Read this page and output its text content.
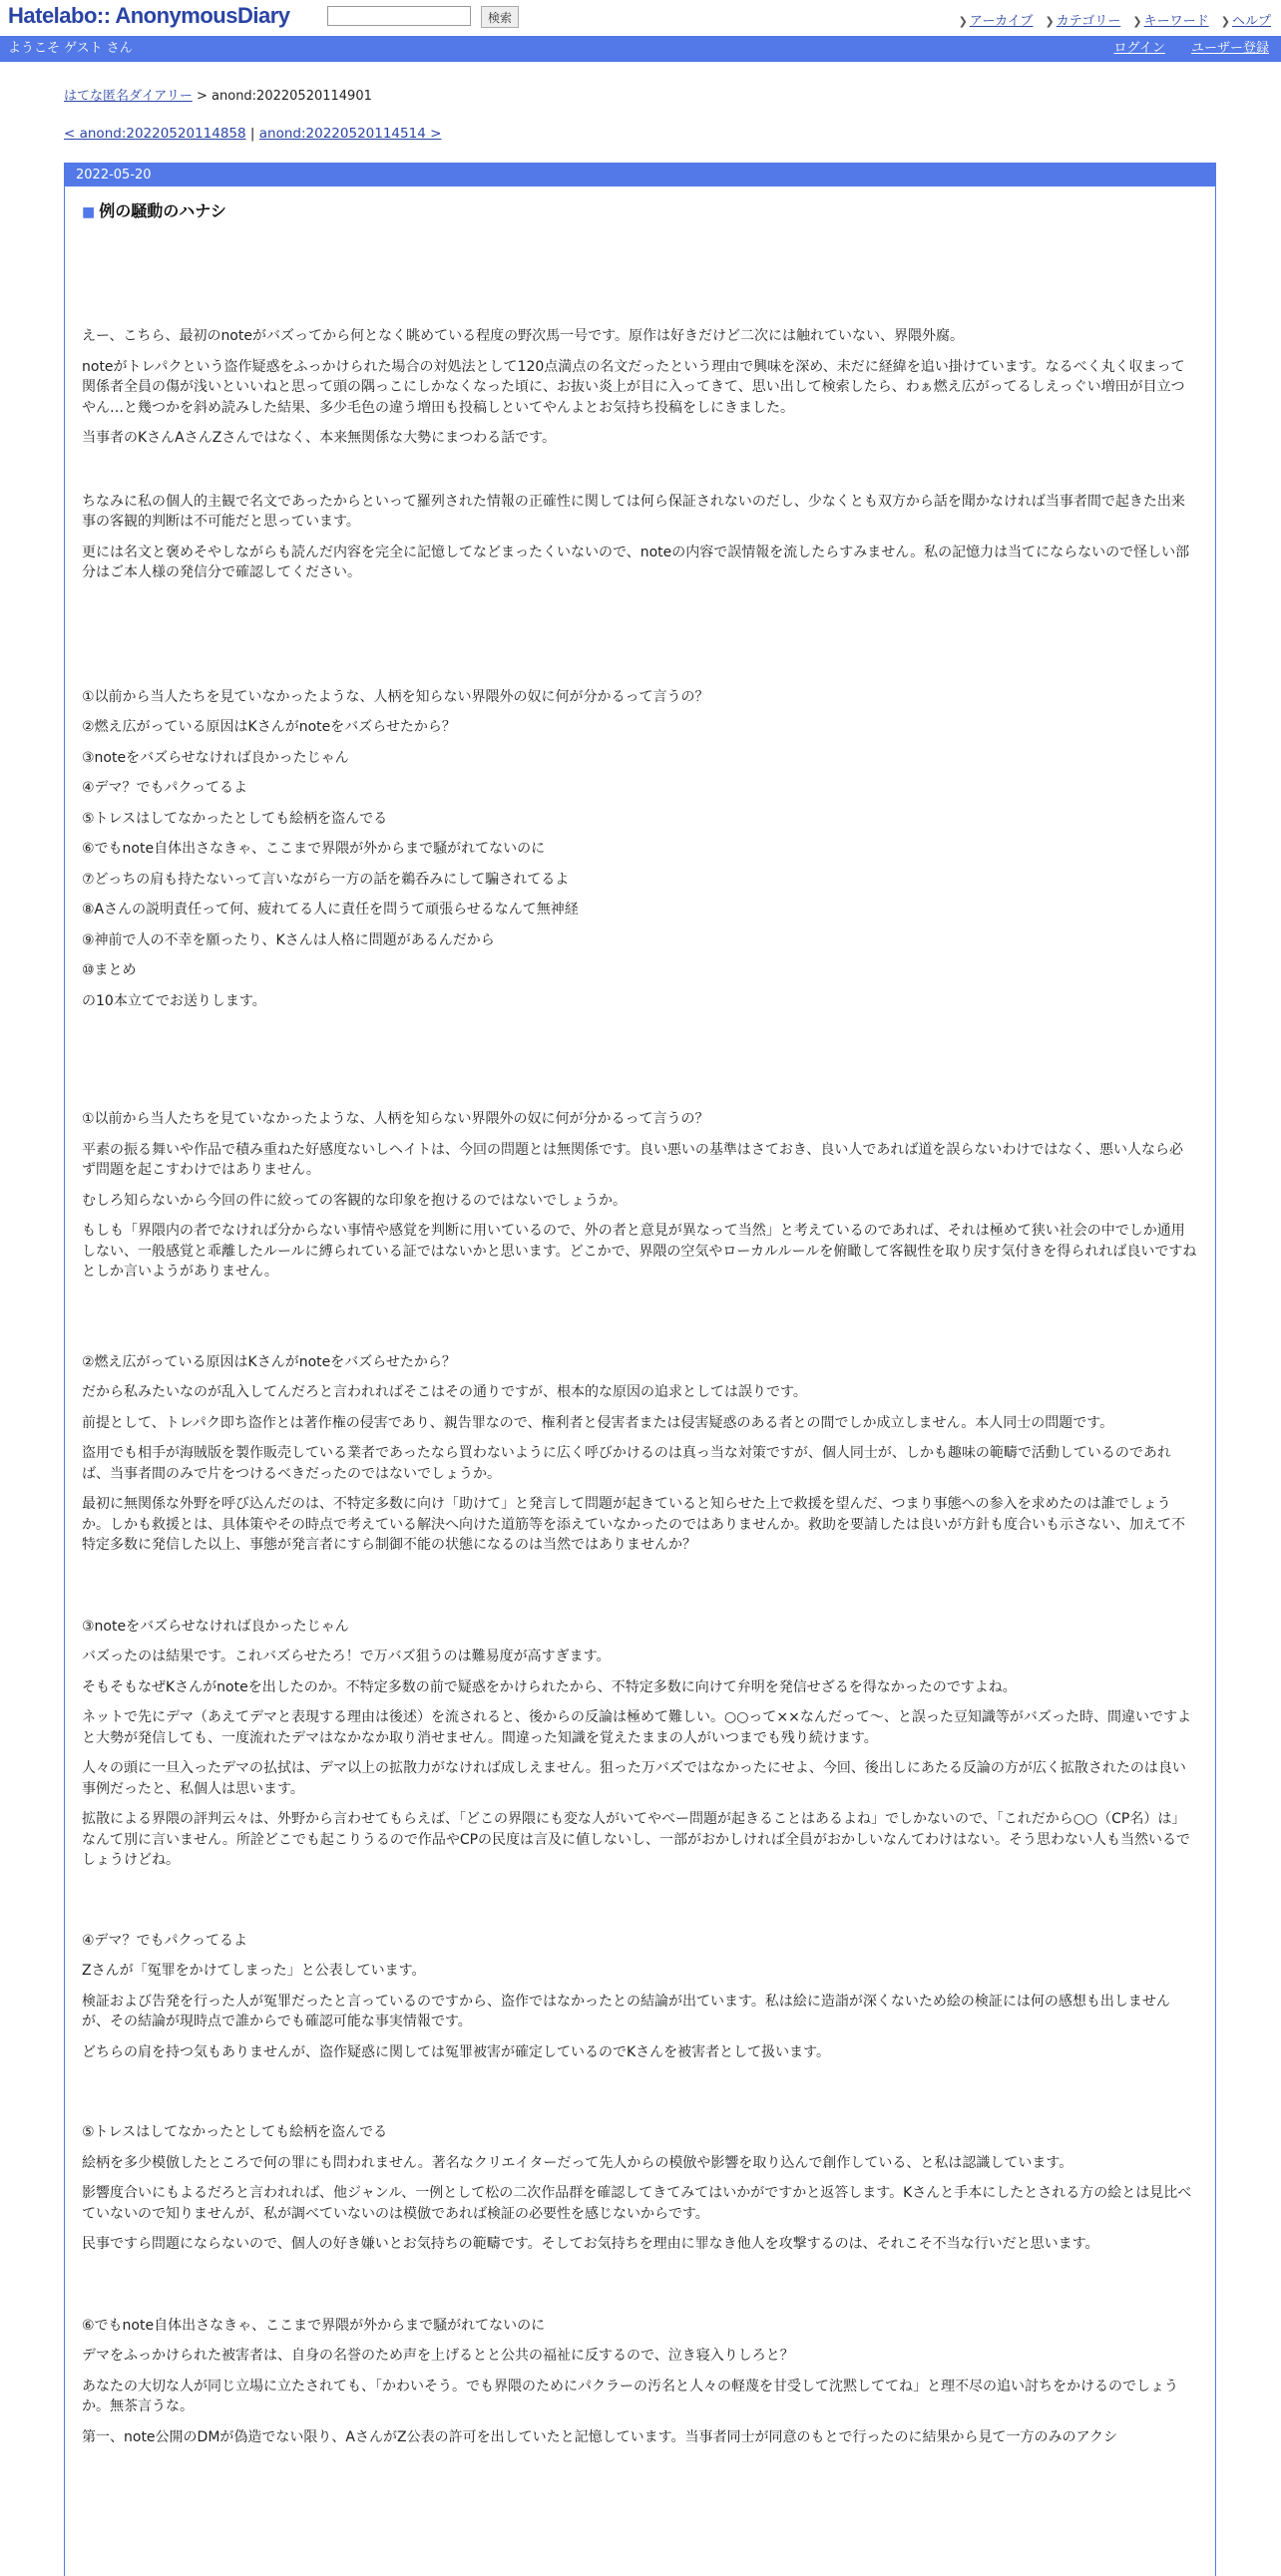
Hatelabo:: AnonymousDiary	検索	❯ アーカイブ ❯ カテゴリー ❯ キーワード ❯ ヘルプ
ようこそ ゲスト さん	ログイン ユーザー登録
はてな匿名ダイアリー > anond:20220520114901
< anond:20220520114858 | anond:20220520114514 >
2022-05-20
■ 例の騒動のハナシ

えー、こちら、最初のnoteがバズってから何となく眺めている程度の野次馬一号です。原作は好きだけど二次には触れていない、界隈外腐。

noteがトレパクという盗作疑惑をふっかけられた場合の対処法として120点満点の名文だったという理由で興味を深め、未だに経緯を追い掛けています。なるべく丸く収まって関係者全員の傷が浅いといいねと思って頭の隅っこにしかなくなった頃に、お抜い炎上が目に入ってきて、思い出して検索したら、わぁ燃え広がってるしえっぐい増田が目立つやん…と幾つかを斜め読みした結果、多少毛色の違う増田も投稿しといてやんよとお気持ち投稿をしにきました。

当事者のKさんAさんZさんではなく、本来無関係な大勢にまつわる話です。

ちなみに私の個人的主観で名文であったからといって羅列された情報の正確性に関しては何ら保証されないのだし、少なくとも双方から話を聞かなければ当事者間で起きた出来事の客観的判断は不可能だと思っています。

更には名文と褒めそやしながらも読んだ内容を完全に記憶してなどまったくいないので、noteの内容で誤情報を流したらすみません。私の記憶力は当てにならないので怪しい部分はご本人様の発信分で確認してください。

①以前から当人たちを見ていなかったような、人柄を知らない界隈外の奴に何が分かるって言うの？

②燃え広がっている原因はKさんがnoteをバズらせたから？

③noteをバズらせなければ良かったじゃん

④デマ？でもパクってるよ

⑤トレスはしてなかったとしても絵柄を盗んでる

⑥でもnote自体出さなきゃ、ここまで界隈が外からまで騒がれてないのに

⑦どっちの肩も持たないって言いながら一方の話を鵜呑みにして騙されてるよ

⑧Aさんの説明責任って何、疲れてる人に責任を問うて頑張らせるなんて無神経

⑨神前で人の不幸を願ったり、Kさんは人格に問題があるんだから

⑩まとめ

の10本立てでお送りします。

①以前から当人たちを見ていなかったような、人柄を知らない界隈外の奴に何が分かるって言うの？

平素の振る舞いや作品で積み重ねた好感度ないしヘイトは、今回の問題とは無関係です。良い悪いの基準はさておき、良い人であれば道を誤らないわけではなく、悪い人なら必ず問題を起こすわけではありません。

むしろ知らないから今回の件に絞っての客観的な印象を抱けるのではないでしょうか。

もしも「界隈内の者でなければ分からない事情や感覚を判断に用いているので、外の者と意見が異なって当然」と考えているのであれば、それは極めて狭い社会の中でしか通用しない、一般感覚と乖離したルールに縛られている証ではないかと思います。どこかで、界隈の空気やローカルルールを俯瞰して客観性を取り戻す気付きを得られれば良いですねとしか言いようがありません。

②燃え広がっている原因はKさんがnoteをバズらせたから？

だから私みたいなのが乱入してんだろと言われればそこはその通りですが、根本的な原因の追求としては誤りです。

前提として、トレパク即ち盗作とは著作権の侵害であり、親告罪なので、権利者と侵害者または侵害疑惑のある者との間でしか成立しません。本人同士の問題です。

盗用でも相手が海賊版を製作販売している業者であったなら買わないように広く呼びかけるのは真っ当な対策ですが、個人同士が、しかも趣味の範疇で活動しているのであれば、当事者間のみで片をつけるべきだったのではないでしょうか。

最初に無関係な外野を呼び込んだのは、不特定多数に向け「助けて」と発言して問題が起きていると知らせた上で救援を望んだ、つまり事態への参入を求めたのは誰でしょうか。しかも救援とは、具体策やその時点で考えている解決へ向けた道筋等を添えていなかったのではありませんか。救助を要請したは良いが方針も度合いも示さない、加えて不特定多数に発信した以上、事態が発言者にすら制御不能の状態になるのは当然ではありませんか？

③noteをバズらせなければ良かったじゃん

バズったのは結果です。これバズらせたろ！で万バズ狙うのは難易度が高すぎます。

そもそもなぜKさんがnoteを出したのか。不特定多数の前で疑惑をかけられたから、不特定多数に向けて弁明を発信せざるを得なかったのですよね。

ネットで先にデマ（あえてデマと表現する理由は後述）を流されると、後からの反論は極めて難しい。○○って××なんだって〜、と誤った豆知識等がバズった時、間違いですよと大勢が発信しても、一度流れたデマはなかなか取り消せません。間違った知識を覚えたままの人がいつまでも残り続けます。

人々の頭に一旦入ったデマの払拭は、デマ以上の拡散力がなければ成しえません。狙った万バズではなかったにせよ、今回、後出しにあたる反論の方が広く拡散されたのは良い事例だったと、私個人は思います。

拡散による界隈の評判云々は、外野から言わせてもらえば、「どこの界隈にも変な人がいてやべー問題が起きることはあるよね」でしかないので、「これだから○○（CP名）は」なんて別に言いません。所詮どこでも起こりうるので作品やCPの民度は言及に値しないし、一部がおかしければ全員がおかしいなんてわけはない。そう思わない人も当然いるでしょうけどね。

④デマ？でもパクってるよ

Zさんが「冤罪をかけてしまった」と公表しています。

検証および告発を行った人が冤罪だったと言っているのですから、盗作ではなかったとの結論が出ています。私は絵に造詣が深くないため絵の検証には何の感想も出しませんが、その結論が現時点で誰からでも確認可能な事実情報です。

どちらの肩を持つ気もありませんが、盗作疑惑に関しては冤罪被害が確定しているのでKさんを被害者として扱います。

⑤トレスはしてなかったとしても絵柄を盗んでる

絵柄を多少模倣したところで何の罪にも問われません。著名なクリエイターだって先人からの模倣や影響を取り込んで創作している、と私は認識しています。

影響度合いにもよるだろと言われれば、他ジャンル、一例として松の二次作品群を確認してきてみてはいかがですかと返答します。Kさんと手本にしたとされる方の絵とは見比べていないので知りませんが、私が調べていないのは模倣であれば検証の必要性を感じないからです。

民事ですら問題にならないので、個人の好き嫌いとお気持ちの範疇です。そしてお気持ちを理由に罪なき他人を攻撃するのは、それこそ不当な行いだと思います。

⑥でもnote自体出さなきゃ、ここまで界隈が外からまで騒がれてないのに

デマをふっかけられた被害者は、自身の名誉のため声を上げるとと公共の福祉に反するので、泣き寝入りしろと？

あなたの大切な人が同じ立場に立たされても、「かわいそう。でも界隈のためにパクラーの汚名と人々の軽蔑を甘受して沈黙しててね」と理不尽の追い討ちをかけるのでしょうか。無茶言うな。

第一、note公開のDMが偽造でない限り、AさんがZ公表の許可を出していたと記憶しています。当事者同士が同意のもとで行ったのに結果から見て一方のみのアクシ
